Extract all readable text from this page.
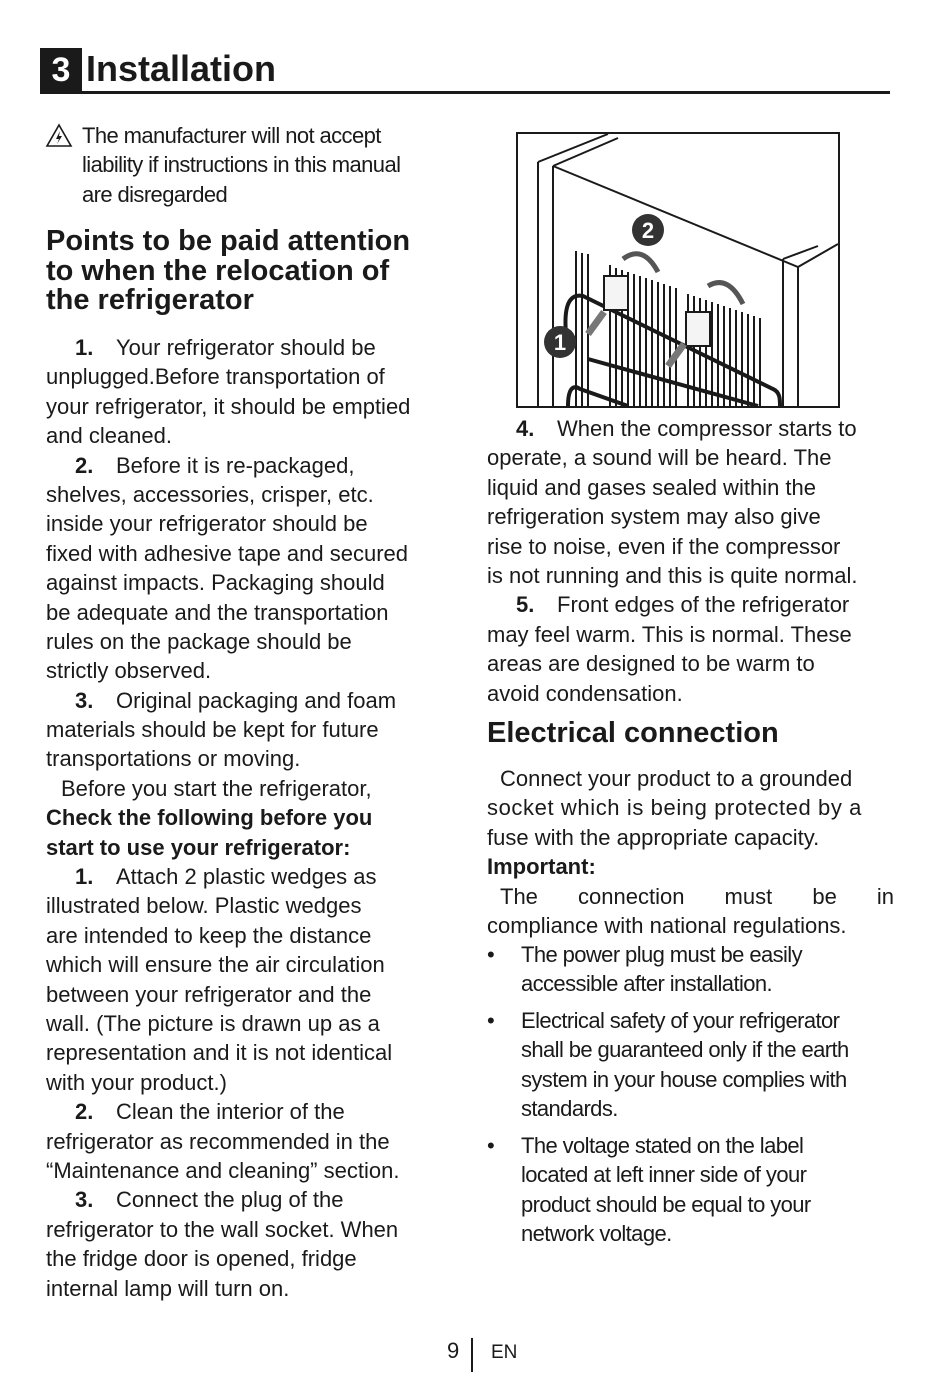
3 Installation
The manufacturer will not accept
liability if instructions in this manual
are disregarded
Points to be paid attention
to when the relocation of
the refrigerator
1. Your refrigerator should be
unplugged.Before transportation of
your refrigerator, it should be emptied
and cleaned.
2. Before it is re-packaged,
shelves, accessories, crisper, etc.
inside your refrigerator should be
fixed with adhesive tape and secured
against impacts. Packaging should
be adequate and the transportation
rules on the package should be
strictly observed.
3. Original packaging and foam
materials should be kept for future
transportations or moving.
Before you start the refrigerator,
Check the following before you
start to use your refrigerator:
1. Attach 2 plastic wedges as
illustrated below. Plastic wedges
are intended to keep the distance
which will ensure the air circulation
between your refrigerator and the
wall. (The picture is drawn up as a
representation and it is not identical
with your product.)
2. Clean the interior of the
refrigerator as recommended in the
“Maintenance and cleaning” section.
3. Connect the plug of the
refrigerator to the wall socket. When
the fridge door is opened, fridge
internal lamp will turn on.
2
1
4. When the compressor starts to
operate, a sound will be heard. The
liquid and gases sealed within the
refrigeration system may also give
rise to noise, even if the compressor
is not running and this is quite normal.
5. Front edges of the refrigerator
may feel warm. This is normal. These
areas are designed to be warm to
avoid condensation.
Electrical connection
Connect your product to a grounded
socket which is being protected by a
fuse with the appropriate capacity.
Important:
The connection must be in
compliance with national regulations.
• The power plug must be easily
accessible after installation.
• Electrical safety of your refrigerator
shall be guaranteed only if the earth
system in your house complies with
standards.
• The voltage stated on the label
located at left inner side of your
product should be equal to your
network voltage.
9 EN
